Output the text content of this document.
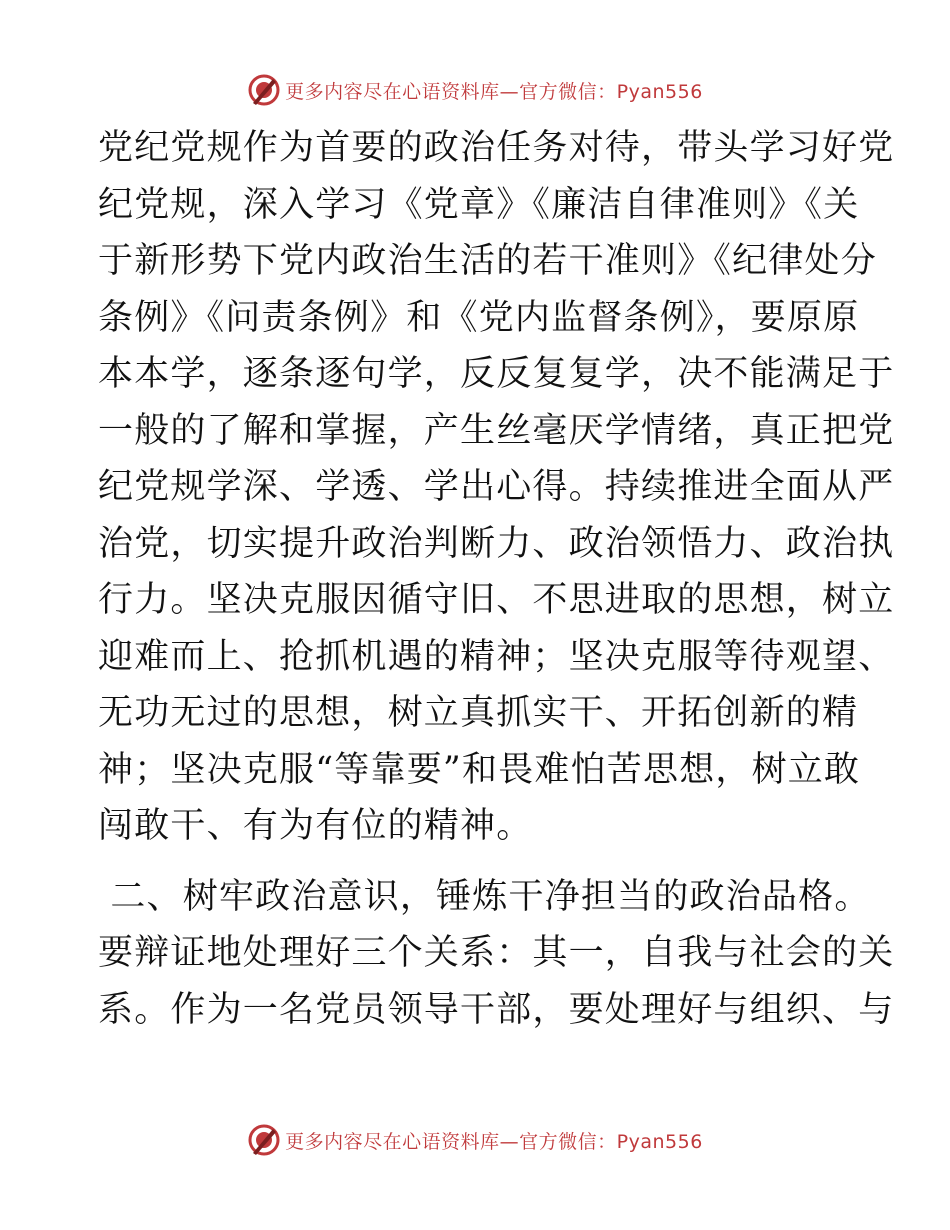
更多内容尽在心语资料库—官方微信：Pyan556

党纪党规作为首要的政治任务对待，带头学习好党
纪党规，深入学习《党章》《廉洁自律准则》《关
于新形势下党内政治生活的若干准则》《纪律处分
条例》《问责条例》和《党内监督条例》，要原原
本本学，逐条逐句学，反反复复学，决不能满足于
一般的了解和掌握，产生丝毫厌学情绪，真正把党
纪党规学深、学透、学出心得。持续推进全面从严
治党，切实提升政治判断力、政治领悟力、政治执
行力。坚决克服因循守旧、不思进取的思想，树立
迎难而上、抢抓机遇的精神；坚决克服等待观望、
无功无过的思想，树立真抓实干、开拓创新的精
神；坚决克服“等靠要”和畏难怕苦思想，树立敢
闯敢干、有为有位的精神。

二、树牢政治意识，锤炼干净担当的政治品格。

要辩证地处理好三个关系：其一，自我与社会的关
系。作为一名党员领导干部，要处理好与组织、与

更多内容尽在心语资料库—官方微信：Pyan556
